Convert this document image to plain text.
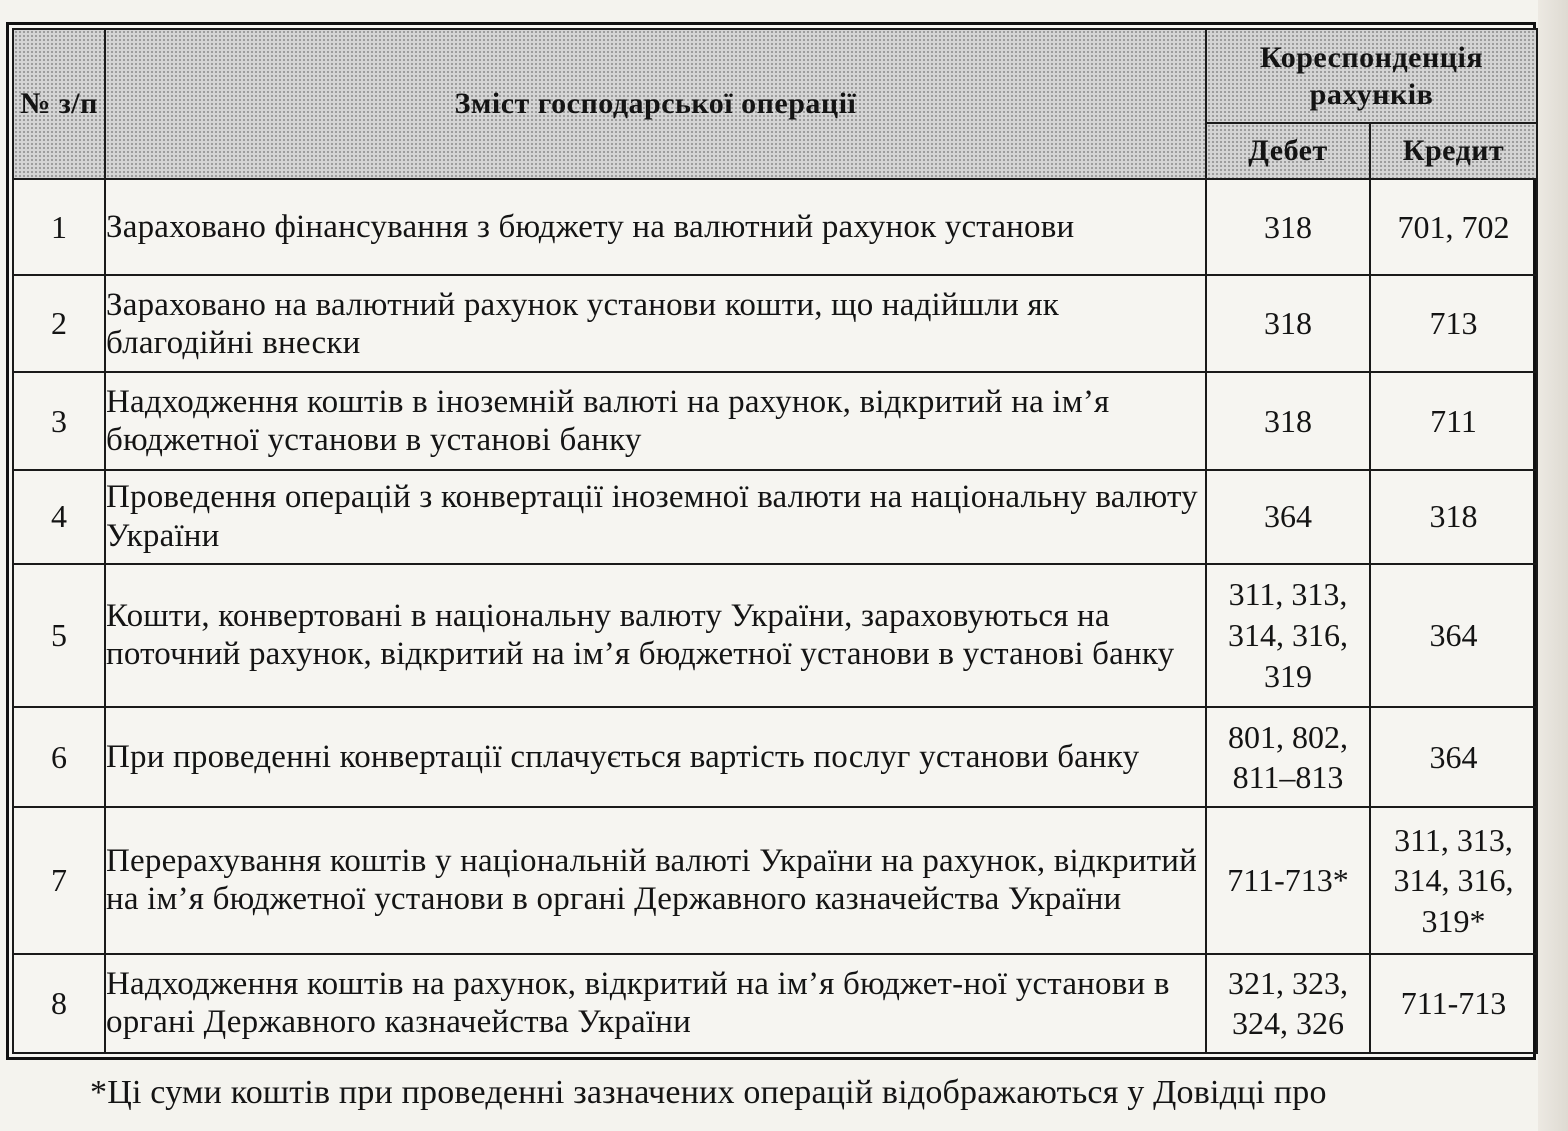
№ з/п	Зміст господарської операції	Кореспонденція рахунків	
		Дебет	Кредит
1	Зараховано фінансування з бюджету на валютний рахунок установи	318	701, 702
2	Зараховано на валютний рахунок установи кошти, що надійшли як благодійні внески	318	713
3	Надходження коштів в іноземній валюті на рахунок, відкритий на ім’я бюджетної установи в установі банку	318	711
4	Проведення операцій з конвертації іноземної валюти на національну валюту України	364	318
5	Кошти, конвертовані в національну валюту України, зараховуються на поточний рахунок, відкритий на ім’я бюджетної установи в установі банку	311, 313, 314, 316, 319	364
6	При проведенні конвертації сплачується вартість послуг установи банку	801, 802, 811–813	364
7	Перерахування коштів у національній валюті України на рахунок, відкритий на ім’я бюджетної установи в органі Державного казначейства України	711-713*	311, 313, 314, 316, 319*
8	Надходження коштів на рахунок, відкритий на ім’я бюджет-ної установи в органі Державного казначейства України	321, 323, 324, 326	711-713
*Ці суми коштів при проведенні зазначених операцій відображаються у Довідці про
